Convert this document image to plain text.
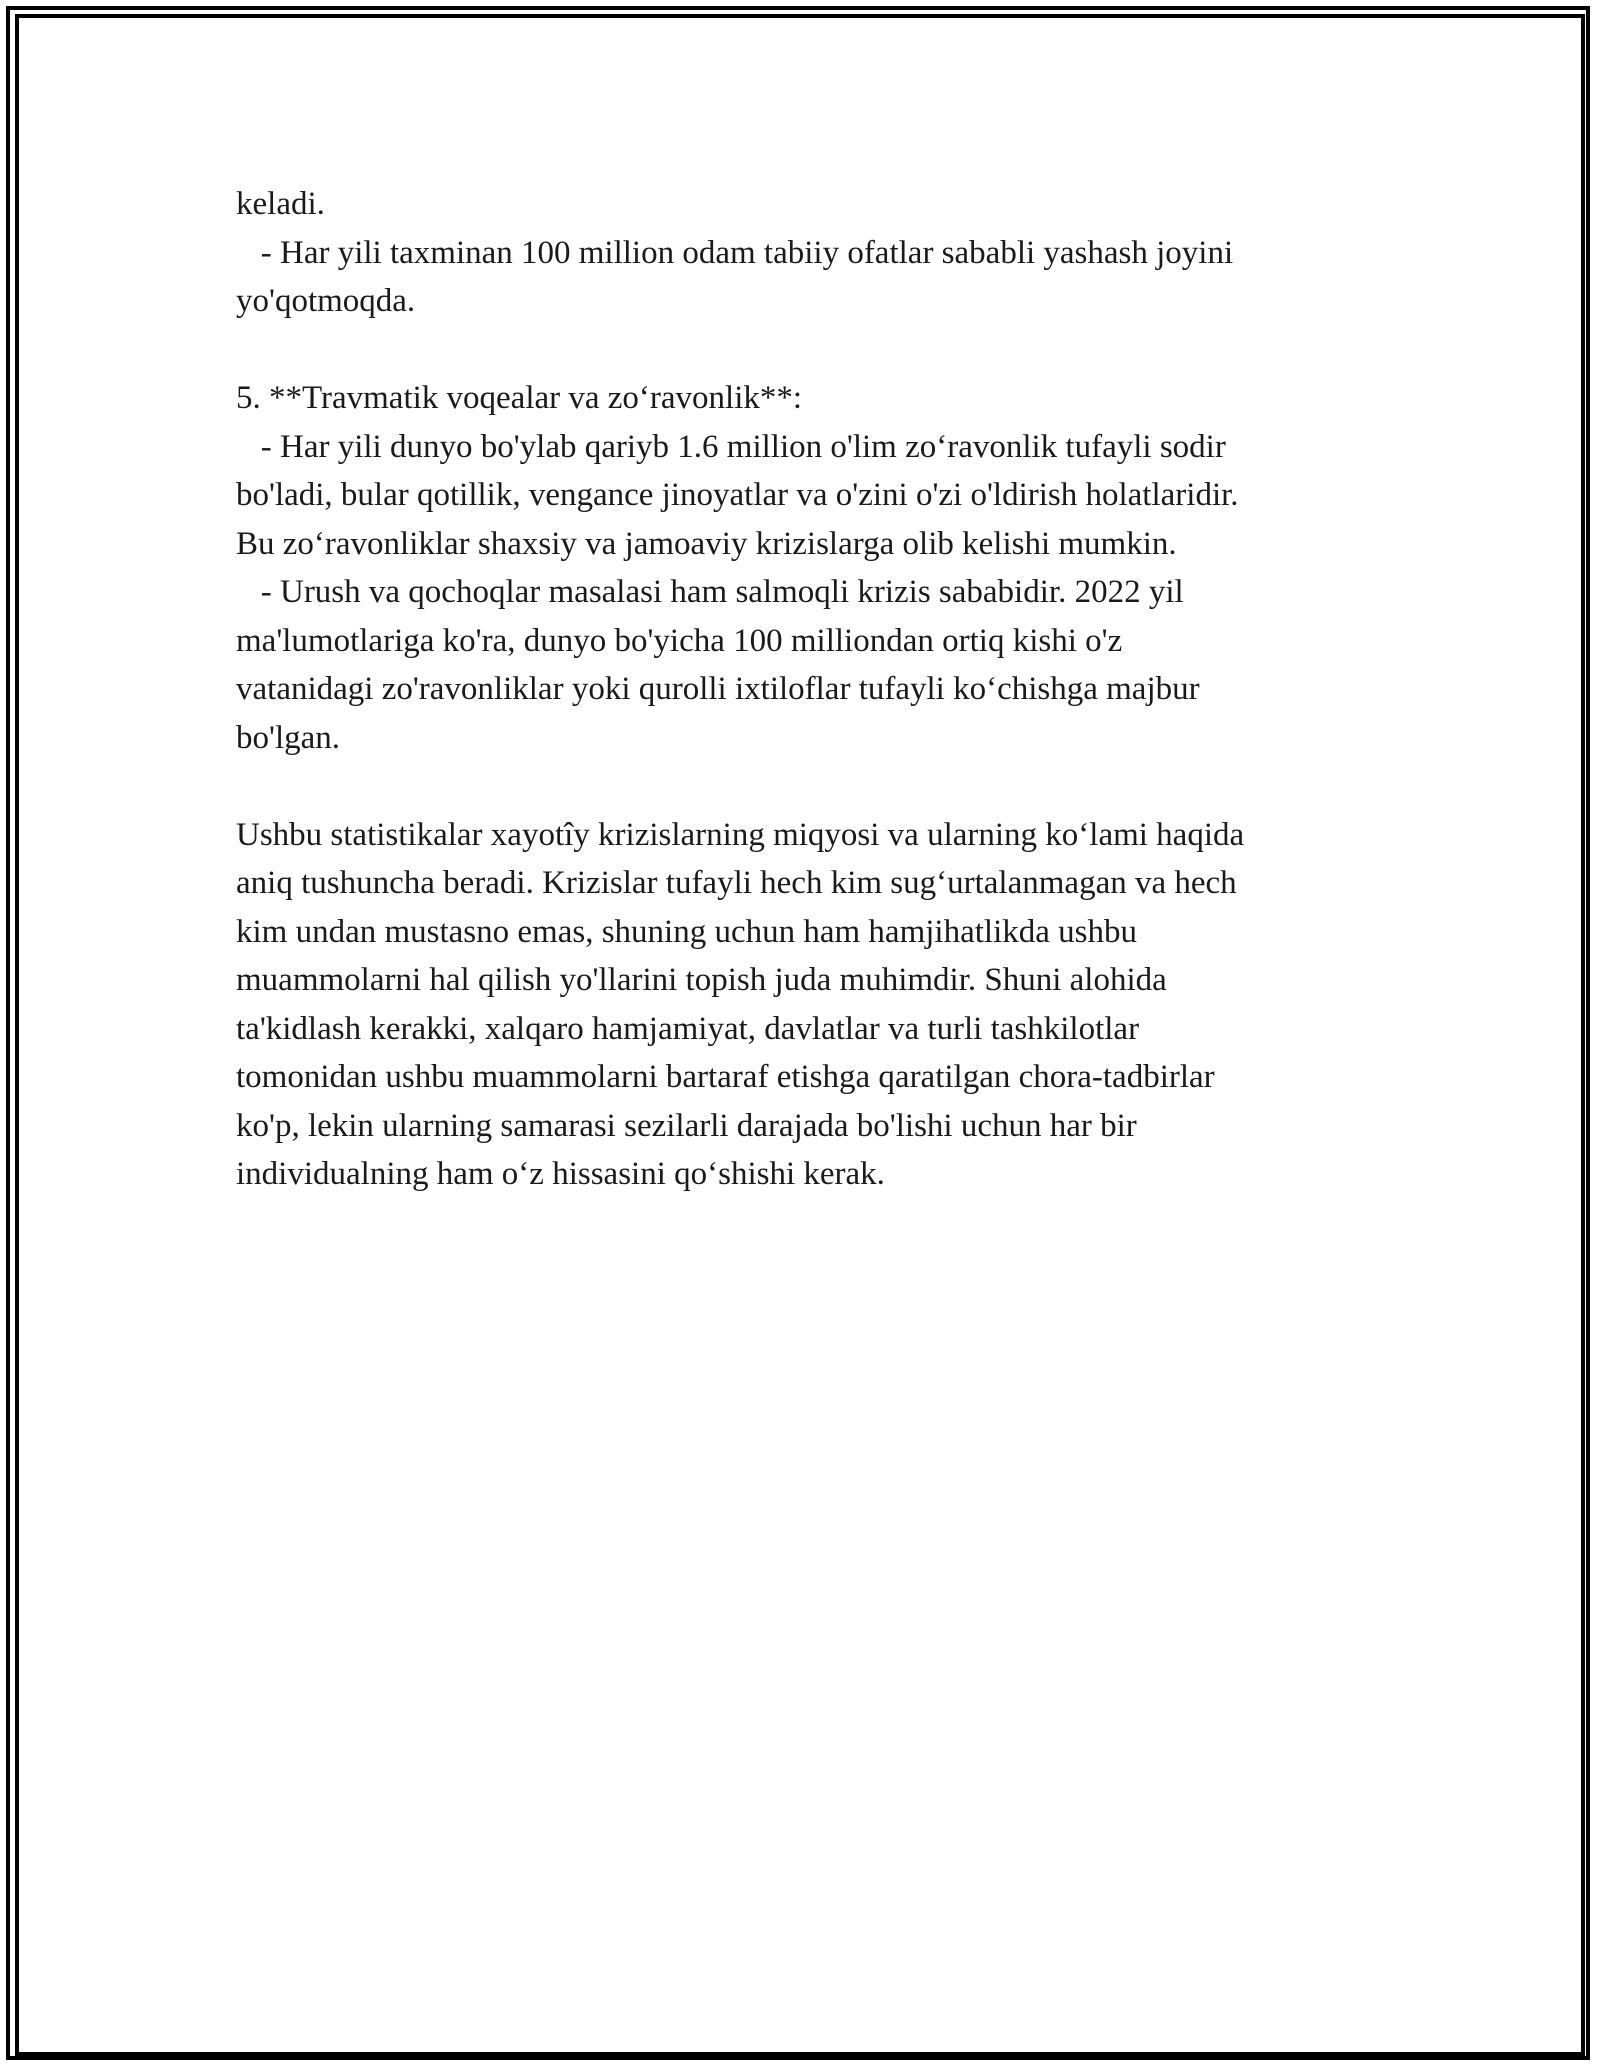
keladi.
- Har yili taxminan 100 million odam tabiiy ofatlar sababli yashash joyini
yo'qotmoqda.
5. **Travmatik voqealar va zo‘ravonlik**:
- Har yili dunyo bo'ylab qariyb 1.6 million o'lim zo‘ravonlik tufayli sodir
bo'ladi, bular qotillik, vengance jinoyatlar va o'zini o'zi o'ldirish holatlaridir.
Bu zo‘ravonliklar shaxsiy va jamoaviy krizislarga olib kelishi mumkin.
- Urush va qochoqlar masalasi ham salmoqli krizis sababidir. 2022 yil
ma'lumotlariga ko'ra, dunyo bo'yicha 100 milliondan ortiq kishi o'z
vatanidagi zo'ravonliklar yoki qurolli ixtiloflar tufayli ko‘chishga majbur
bo'lgan.
Ushbu statistikalar xayotîy krizislarning miqyosi va ularning ko‘lami haqida
aniq tushuncha beradi. Krizislar tufayli hech kim sug‘urtalanmagan va hech
kim undan mustasno emas, shuning uchun ham hamjihatlikda ushbu
muammolarni hal qilish yo'llarini topish juda muhimdir. Shuni alohida
ta'kidlash kerakki, xalqaro hamjamiyat, davlatlar va turli tashkilotlar
tomonidan ushbu muammolarni bartaraf etishga qaratilgan chora-tadbirlar
ko'p, lekin ularning samarasi sezilarli darajada bo'lishi uchun har bir
individualning ham o‘z hissasini qo‘shishi kerak.
